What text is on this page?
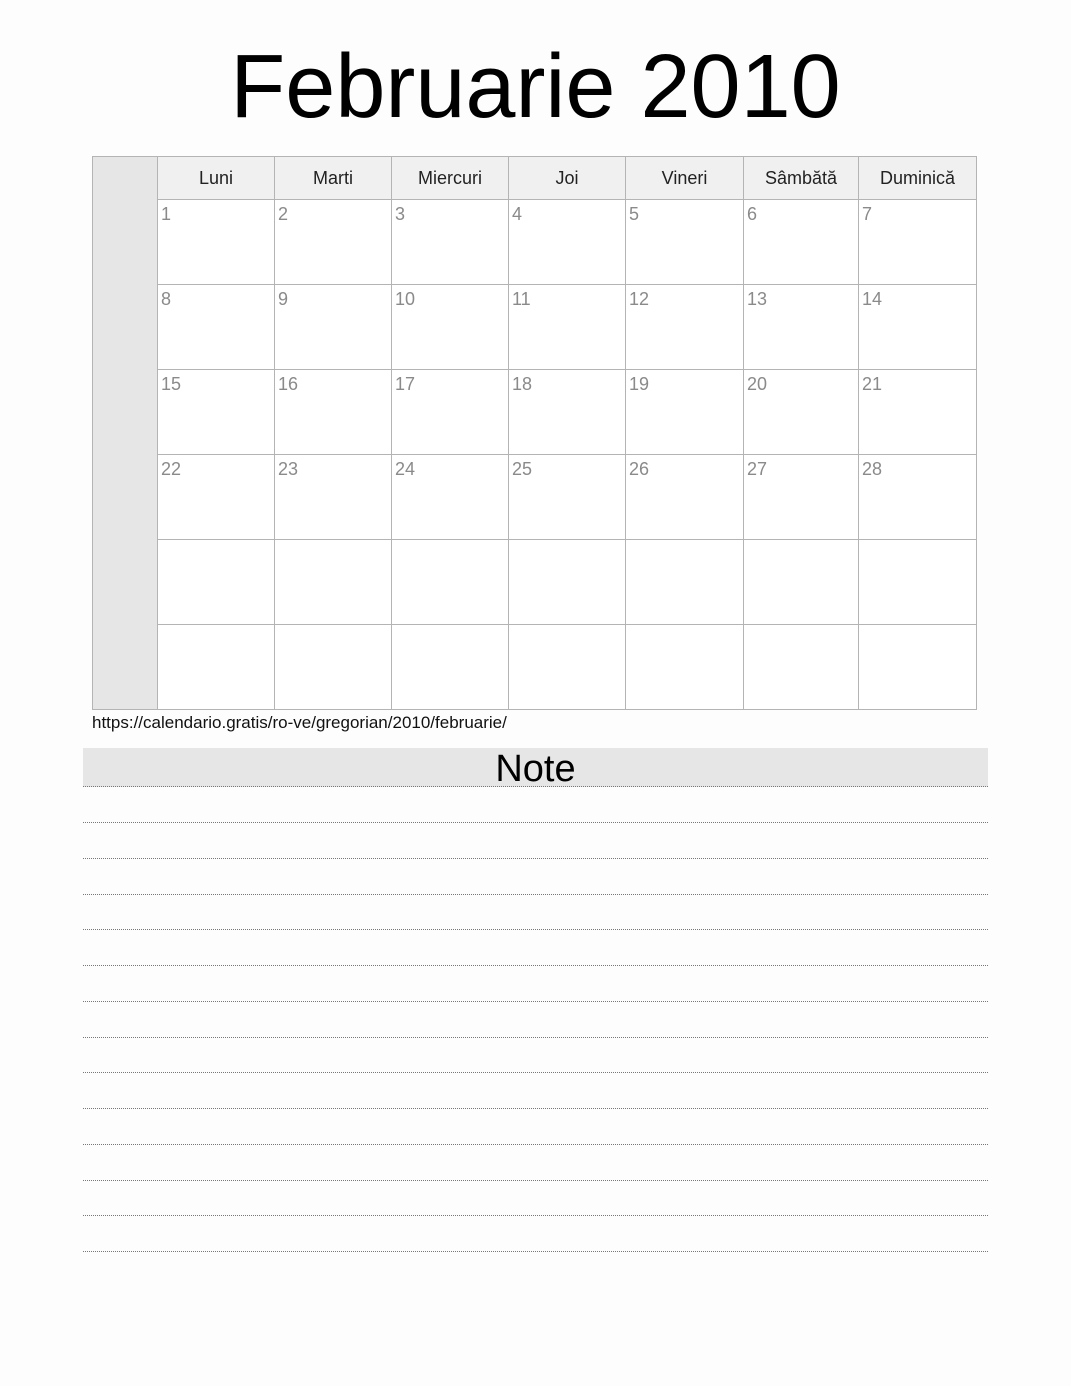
Februarie 2010
Luni	Marti	Miercuri	Joi	Vineri	Sâmbătă	Duminică
1	2	3	4	5	6	7
8	9	10	11	12	13	14
15	16	17	18	19	20	21
22	23	24	25	26	27	28
https://calendario.gratis/ro-ve/gregorian/2010/februarie/
Note
